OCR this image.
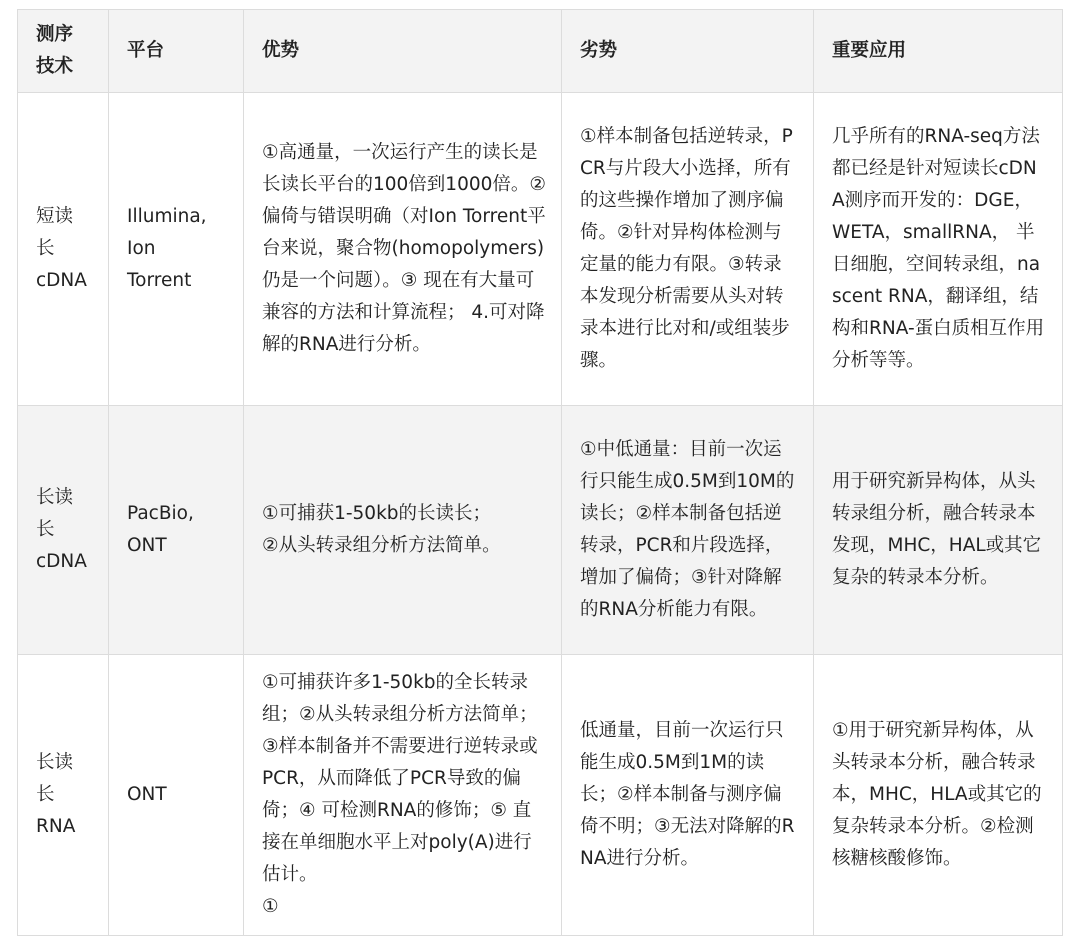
测序
技术	平台	优势	劣势	重要应用

短读
长
cDNA	Illumina,
Ion
Torrent	①高通量，一次运行产生的读长是长读长平台的100倍到1000倍。②偏倚与错误明确（对Ion Torrent平台来说，聚合物(homopolymers)仍是一个问题）。③ 现在有大量可兼容的方法和计算流程； 4.可对降解的RNA进行分析。	①样本制备包括逆转录，PCR与片段大小选择，所有的这些操作增加了测序偏倚。②针对异构体检测与定量的能力有限。③转录本发现分析需要从头对转录本进行比对和/或组装步骤。	几乎所有的RNA-seq方法都已经是针对短读长cDNA测序而开发的：DGE，WETA，smallRNA， 半日细胞，空间转录组，nascent RNA，翻译组，结构和RNA-蛋白质相互作用分析等等。

长读
长
cDNA	PacBio,
ONT	①可捕获1-50kb的长读长；
②从头转录组分析方法简单。	①中低通量：目前一次运行只能生成0.5M到10M的读长；②样本制备包括逆转录，PCR和片段选择，增加了偏倚；③针对降解的RNA分析能力有限。	用于研究新异构体，从头转录组分析，融合转录本发现，MHC，HAL或其它复杂的转录本分析。

长读
长
RNA	ONT	①可捕获许多1-50kb的全长转录组；②从头转录组分析方法简单； ③样本制备并不需要进行逆转录或PCR，从而降低了PCR导致的偏倚；④ 可检测RNA的修饰；⑤ 直接在单细胞水平上对poly(A)进行估计。
①	低通量，目前一次运行只能生成0.5M到1M的读长；②样本制备与测序偏倚不明；③无法对降解的RNA进行分析。	①用于研究新异构体，从头转录本分析，融合转录本，MHC，HLA或其它的复杂转录本分析。②检测核糖核酸修饰。
